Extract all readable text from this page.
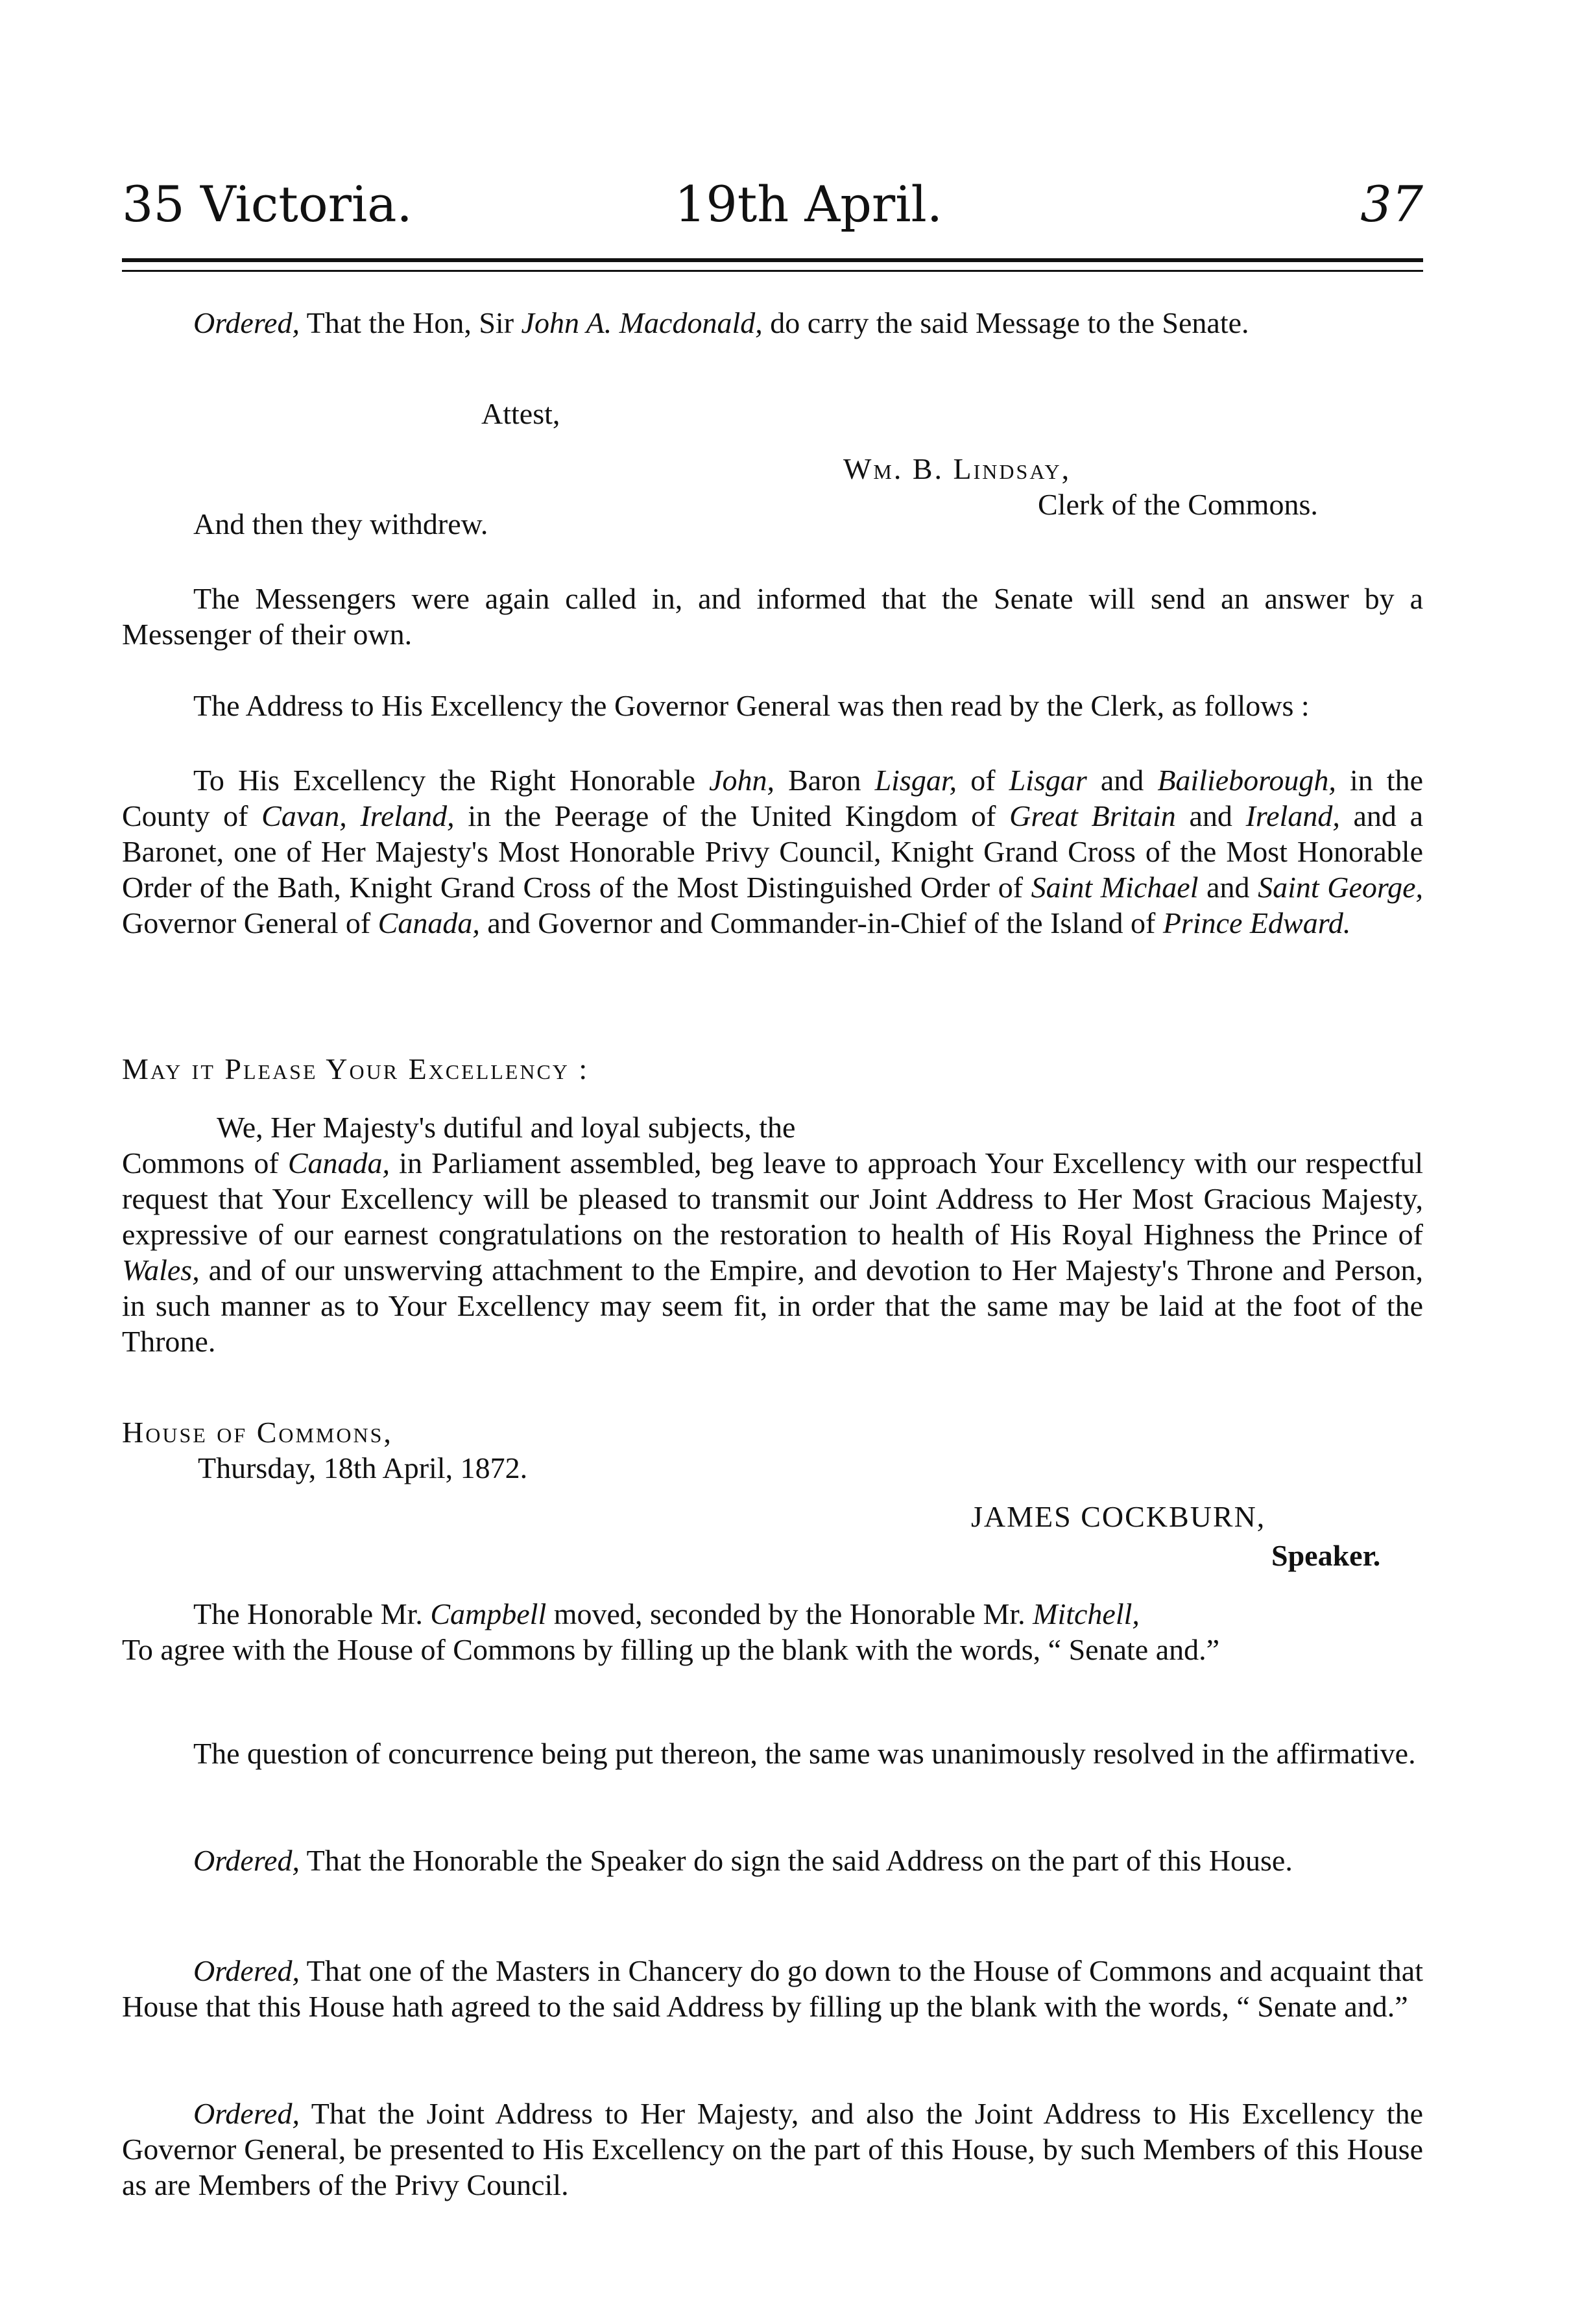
35 Victoria.	19th April.	37
Ordered, That the Hon, Sir John A. Macdonald, do carry the said Message to the Senate.
Attest,
Wm. B. Lindsay,
Clerk of the Commons.
And then they withdrew.
The Messengers were again called in, and informed that the Senate will send an answer by a Messenger of their own.
The Address to His Excellency the Governor General was then read by the Clerk, as follows :
To His Excellency the Right Honorable John, Baron Lisgar, of Lisgar and Bailieborough, in the County of Cavan, Ireland, in the Peerage of the United Kingdom of Great Britain and Ireland, and a Baronet, one of Her Majesty's Most Honorable Privy Council, Knight Grand Cross of the Most Honorable Order of the Bath, Knight Grand Cross of the Most Distinguished Order of Saint Michael and Saint George, Governor General of Canada, and Governor and Commander-in-Chief of the Island of Prince Edward.
May it Please Your Excellency :
We, Her Majesty's dutiful and loyal subjects, the
Commons of Canada, in Parliament assembled, beg leave to approach Your Excellency with our respectful request that Your Excellency will be pleased to transmit our Joint Address to Her Most Gracious Majesty, expressive of our earnest congratulations on the restoration to health of His Royal Highness the Prince of Wales, and of our unswerving attachment to the Empire, and devotion to Her Majesty's Throne and Person, in such manner as to Your Excellency may seem fit, in order that the same may be laid at the foot of the Throne.
House of Commons,
Thursday, 18th April, 1872.
JAMES COCKBURN,
Speaker.
The Honorable Mr. Campbell moved, seconded by the Honorable Mr. Mitchell,
To agree with the House of Commons by filling up the blank with the words, “ Senate and.”
The question of concurrence being put thereon, the same was unanimously resolved in the affirmative.
Ordered, That the Honorable the Speaker do sign the said Address on the part of this House.
Ordered, That one of the Masters in Chancery do go down to the House of Commons and acquaint that House that this House hath agreed to the said Address by filling up the blank with the words, “ Senate and.”
Ordered, That the Joint Address to Her Majesty, and also the Joint Address to His Excellency the Governor General, be presented to His Excellency on the part of this House, by such Members of this House as are Members of the Privy Council.
